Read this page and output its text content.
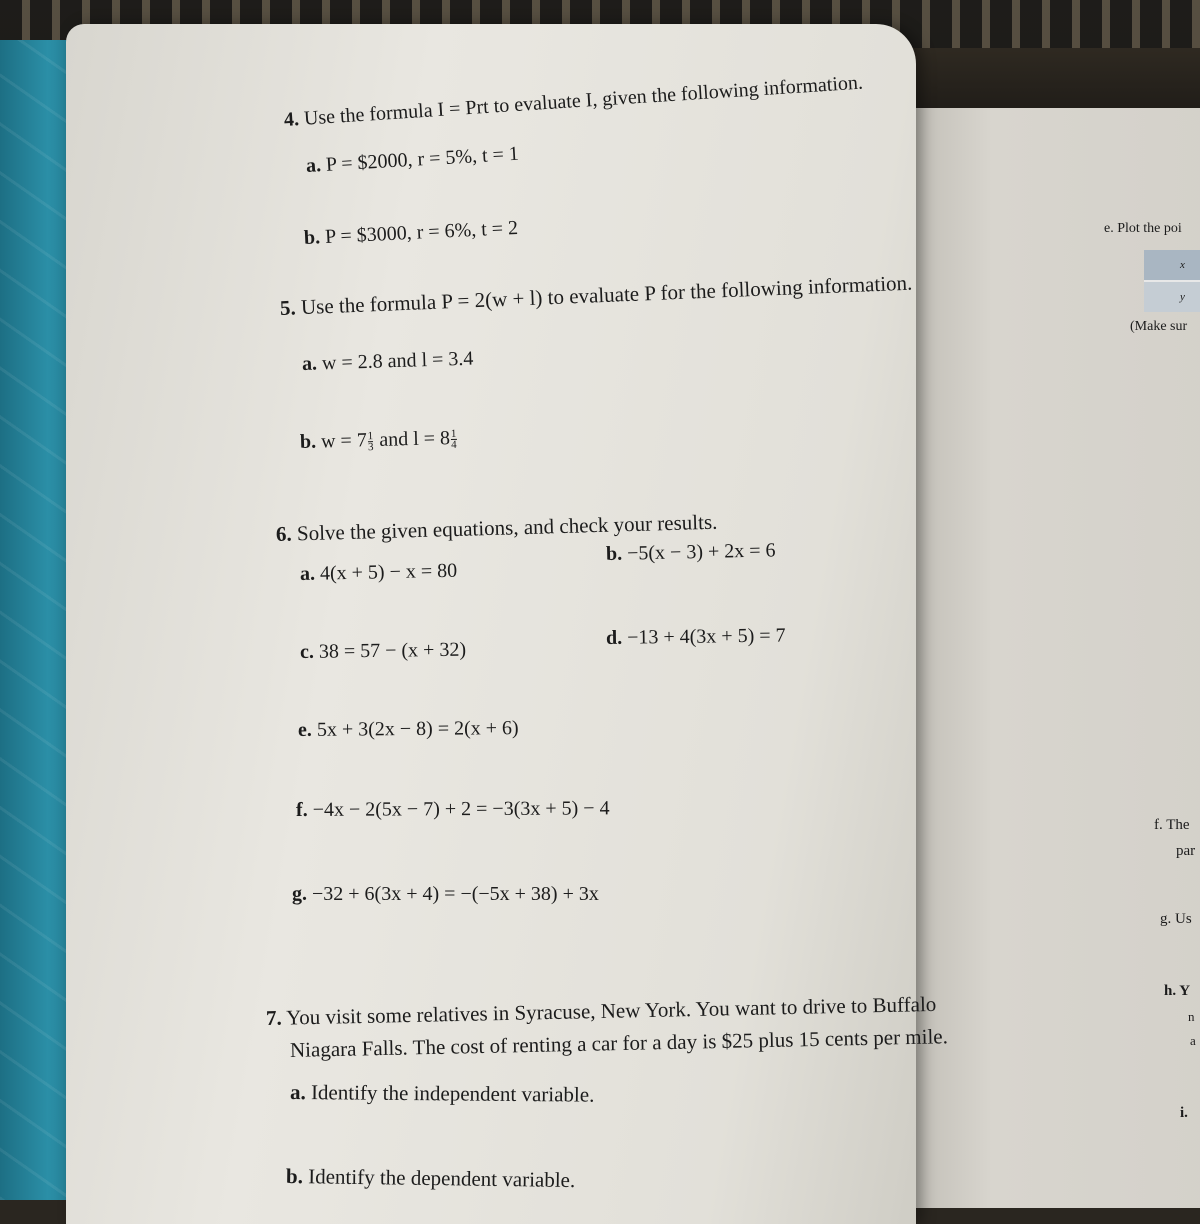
4. Use the formula I = Prt to evaluate I, given the following information.
a. P = $2000, r = 5%, t = 1
b. P = $3000, r = 6%, t = 2
5. Use the formula P = 2(w + l) to evaluate P for the following information.
a. w = 2.8 and l = 3.4
b. $w = 7 \frac{1}{3}$ and $l = 8 \frac{1}{4}$
6. Solve the given equations, and check your results.
a. 4(x + 5) − x = 80
b. −5(x − 3) + 2x = 6
c. 38 = 57 − (x + 32)
d. −13 + 4(3x + 5) = 7
e. 5x + 3(2x − 8) = 2(x + 6)
f. −4x − 2(5x − 7) + 2 = −3(3x + 5) − 4
g. −32 + 6(3x + 4) = −(−5x + 38) + 3x
7. You visit some relatives in Syracuse, New York. You want to drive to Buffalo
Niagara Falls. The cost of renting a car for a day is $25 plus 15 cents per mile.
a. Identify the independent variable.
b. Identify the dependent variable.
e. Plot the poi
x
y
(Make sur
f. The
par
g. Us
h. Y
n
a
i.
